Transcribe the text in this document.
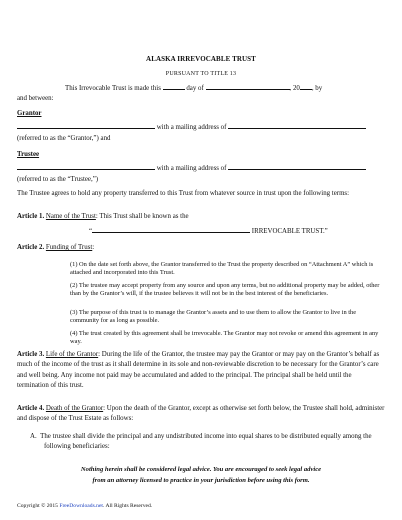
ALASKA IRREVOCABLE TRUST
PURSUANT TO TITLE 13

This Irrevocable Trust is made this	day of	, 20 , by

and between:

Grantor

with a mailing address of

(referred to as the “Grantor,”) and

Trustee

with a mailing address of

(referred to as the “Trustee,”)

The Trustee agrees to hold any property transferred to this Trust from whatever source in trust upon the following terms:

Article 1. Name of the Trust: This Trust shall be known as the

“	IRREVOCABLE TRUST.”

Article 2. Funding of Trust:

(1) On the date set forth above, the Grantor transferred to the Trust the property described on “Attachment A” which is attached and incorporated into this Trust.
(2) The trustee may accept property from any source and upon any terms, but no additional property may be added, other than by the Grantor’s will, if the trustee believes it will not be in the best interest of the beneficiaries.
(3) The purpose of this trust is to manage the Grantor’s assets and to use them to allow the Grantor to live in the community for as long as possible.
(4) The trust created by this agreement shall be irrevocable. The Grantor may not revoke or amend this agreement in any way.

Article 3. Life of the Grantor: During the life of the Grantor, the trustee may pay the Grantor or may pay on the Grantor’s behalf as much of the income of the trust as it shall determine in its sole and non-reviewable discretion to be necessary for the Grantor’s care and well being. Any income not paid may be accumulated and added to the principal. The principal shall be held until the termination of this trust.

Article 4. Death of the Grantor: Upon the death of the Grantor, except as otherwise set forth below, the Trustee shall hold, administer and dispose of the Trust Estate as follows:

A. The trustee shall divide the principal and any undistributed income into equal shares to be distributed equally among the following beneficiaries:

Nothing herein shall be considered legal advice. You are encouraged to seek legal advice
from an attorney licensed to practice in your jurisdiction before using this form.
Copyright © 2015 FreeDownloads.net. All Rights Reserved.
